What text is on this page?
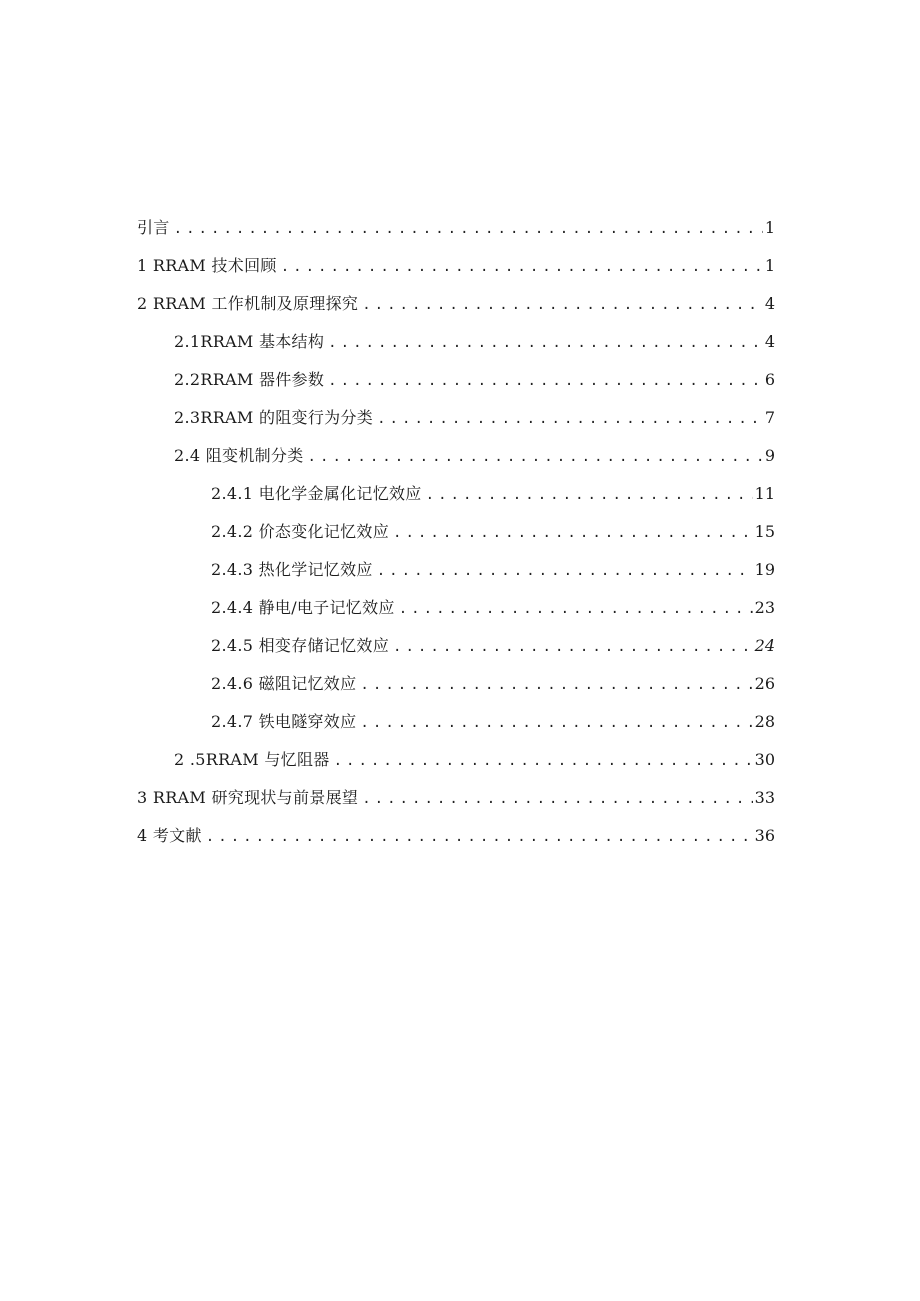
引言 . . .	1
1 RRAM 技术回顾 . . .	1
2 RRAM 工作机制及原理探究 . . .	4
2.1RRAM 基本结构 . . .	4
2.2RRAM 器件参数 . . .	6
2.3RRAM 的阻变行为分类 . . .	7
2.4 阻变机制分类 . . .	9
2.4.1 电化学金属化记忆效应 . . .	11
2.4.2 价态变化记忆效应 . . .	15
2.4.3 热化学记忆效应 . . .	19
2.4.4 静电/电子记忆效应 . . .	23
2.4.5 相变存储记忆效应 . . .	24
2.4.6 磁阻记忆效应 . . .	26
2.4.7 铁电隧穿效应 . . .	28
2 .5RRAM 与忆阻器 . . .	30
3 RRAM 研究现状与前景展望 . . .	33
4 考文献 . . .	36
